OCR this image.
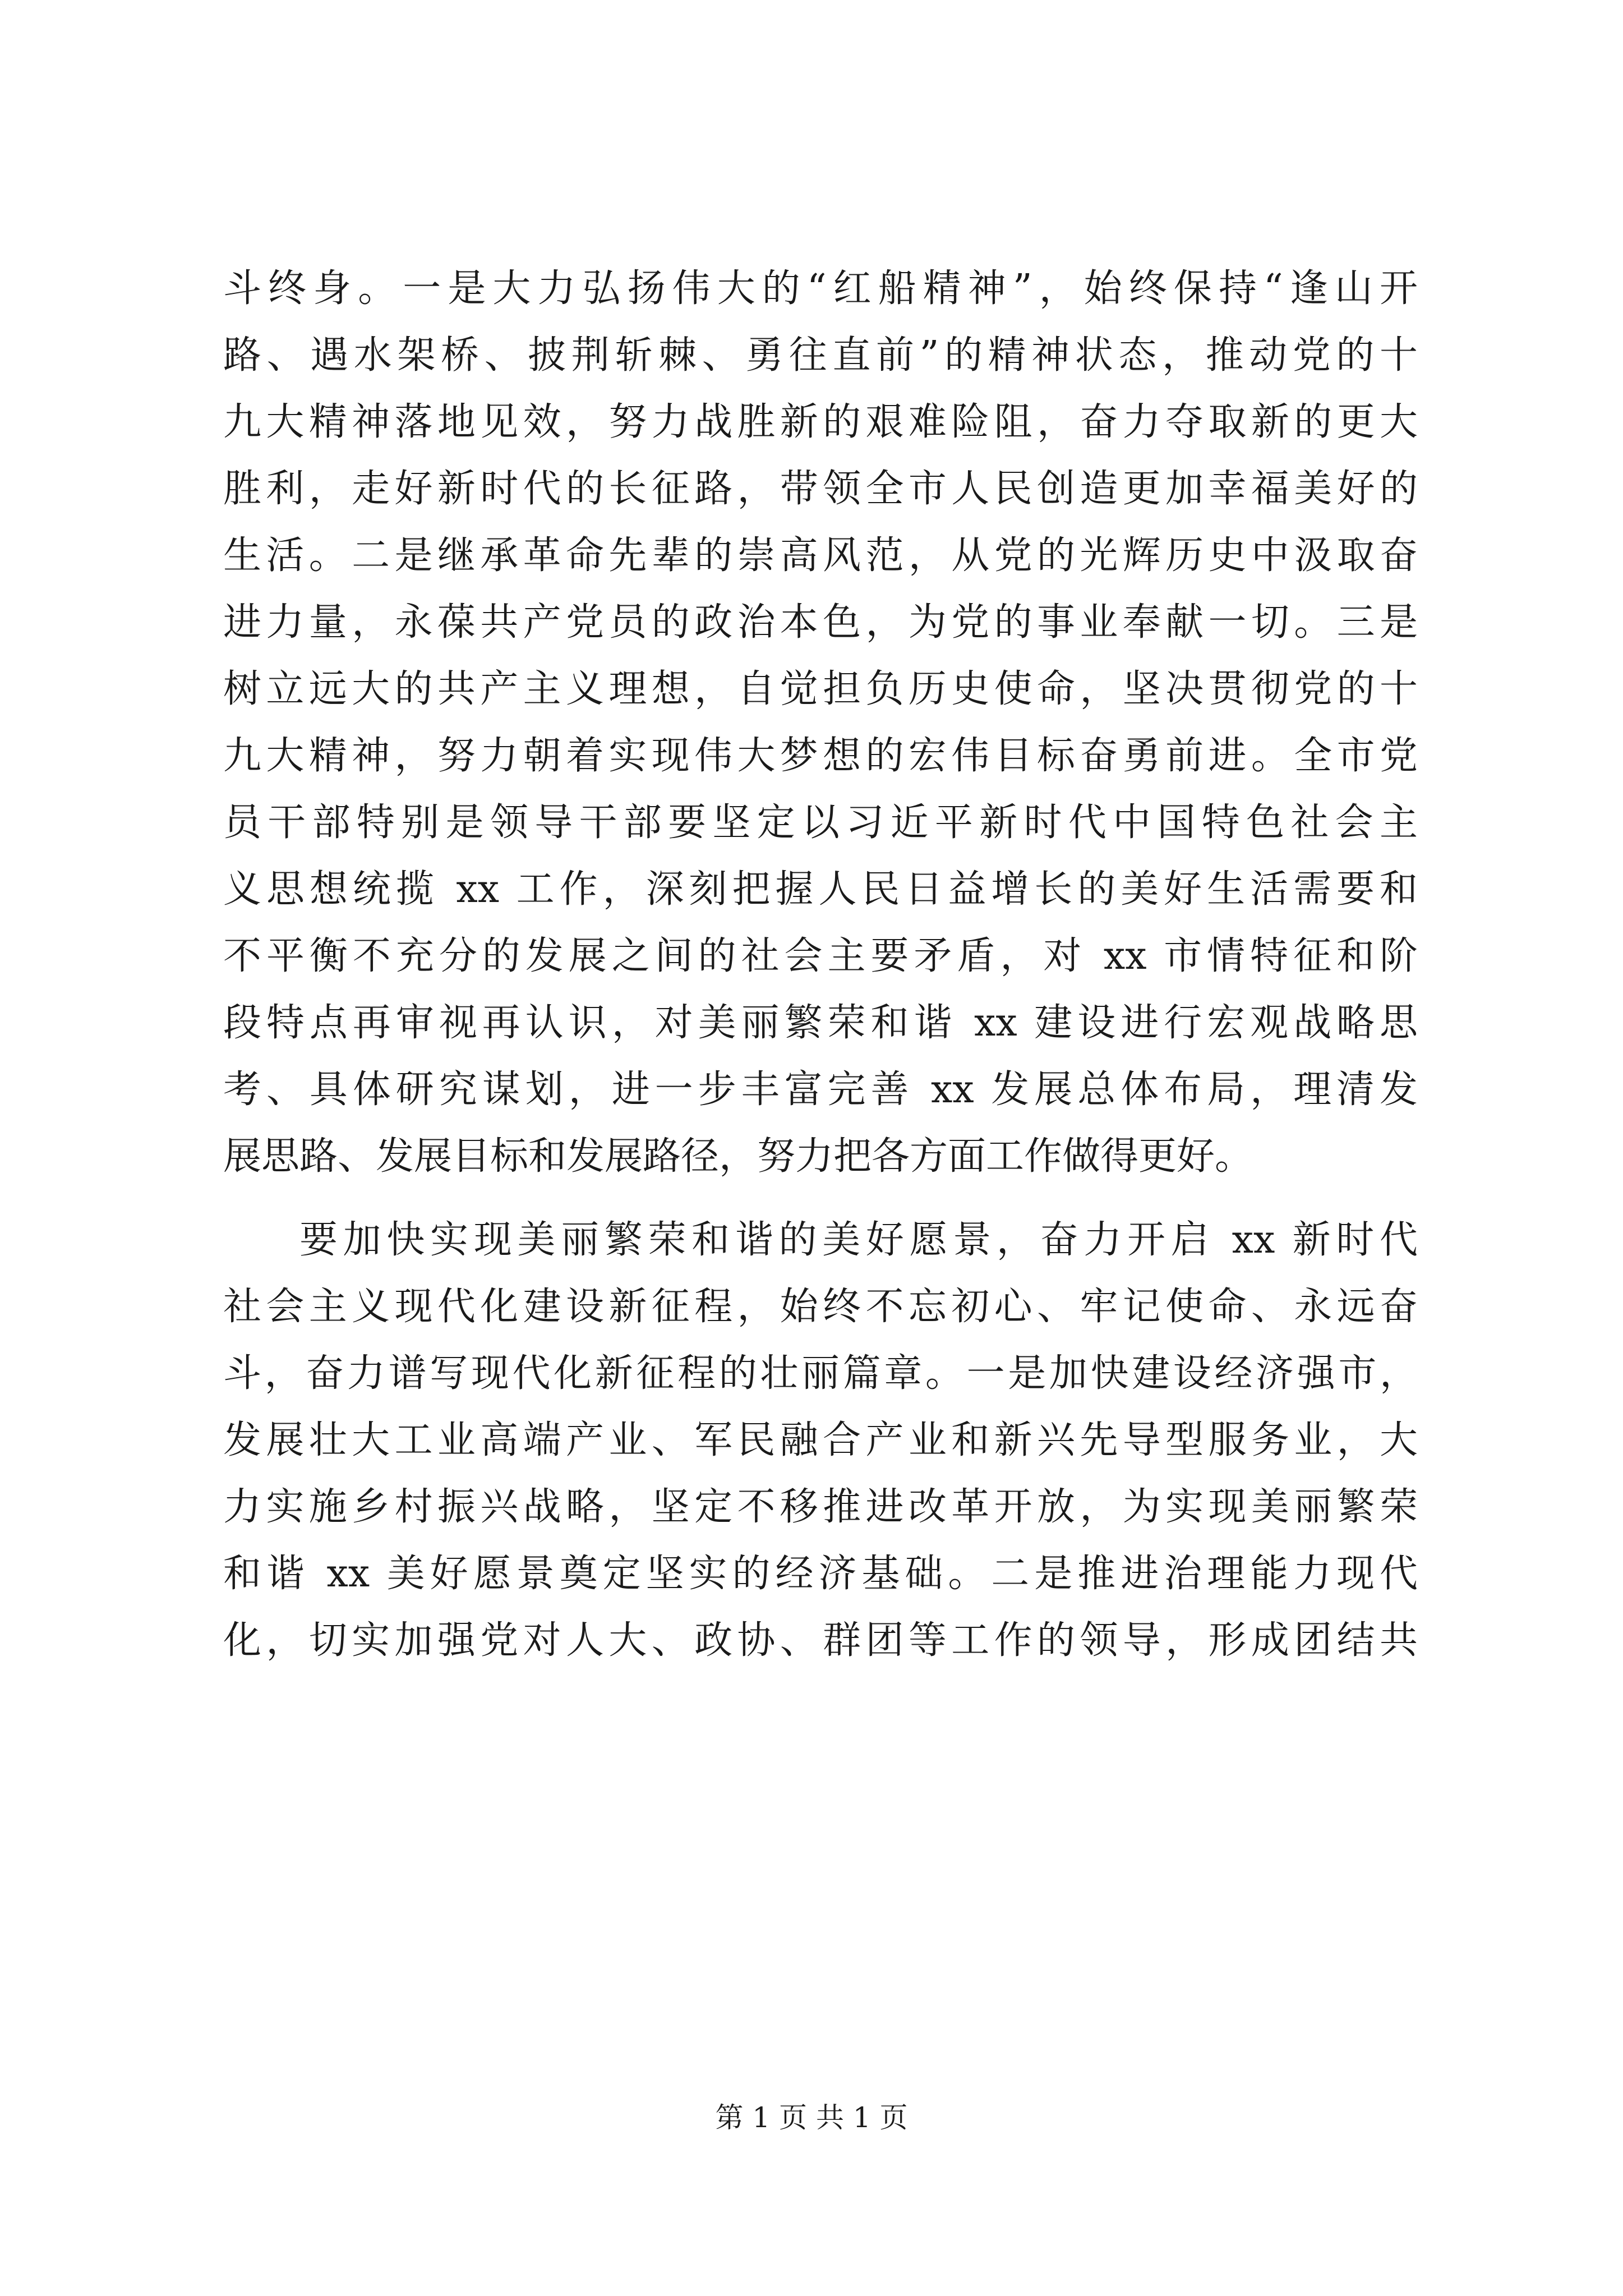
斗终身。一是大力弘扬伟大的“红船精神”，始终保持“逢山开
路、遇水架桥、披荆斩棘、勇往直前”的精神状态，推动党的十
九大精神落地见效，努力战胜新的艰难险阻，奋力夺取新的更大
胜利，走好新时代的长征路，带领全市人民创造更加幸福美好的
生活。二是继承革命先辈的崇高风范，从党的光辉历史中汲取奋
进力量，永葆共产党员的政治本色，为党的事业奉献一切。三是
树立远大的共产主义理想，自觉担负历史使命，坚决贯彻党的十
九大精神，努力朝着实现伟大梦想的宏伟目标奋勇前进。全市党
员干部特别是领导干部要坚定以习近平新时代中国特色社会主
义思想统揽 xx 工作，深刻把握人民日益增长的美好生活需要和
不平衡不充分的发展之间的社会主要矛盾，对 xx 市情特征和阶
段特点再审视再认识，对美丽繁荣和谐 xx 建设进行宏观战略思
考、具体研究谋划，进一步丰富完善 xx 发展总体布局，理清发
展思路、发展目标和发展路径，努力把各方面工作做得更好。
要加快实现美丽繁荣和谐的美好愿景，奋力开启 xx 新时代
社会主义现代化建设新征程，始终不忘初心、牢记使命、永远奋
斗，奋力谱写现代化新征程的壮丽篇章。一是加快建设经济强市，
发展壮大工业高端产业、军民融合产业和新兴先导型服务业，大
力实施乡村振兴战略，坚定不移推进改革开放，为实现美丽繁荣
和谐 xx 美好愿景奠定坚实的经济基础。二是推进治理能力现代
化，切实加强党对人大、政协、群团等工作的领导，形成团结共
第 1 页 共 1 页
